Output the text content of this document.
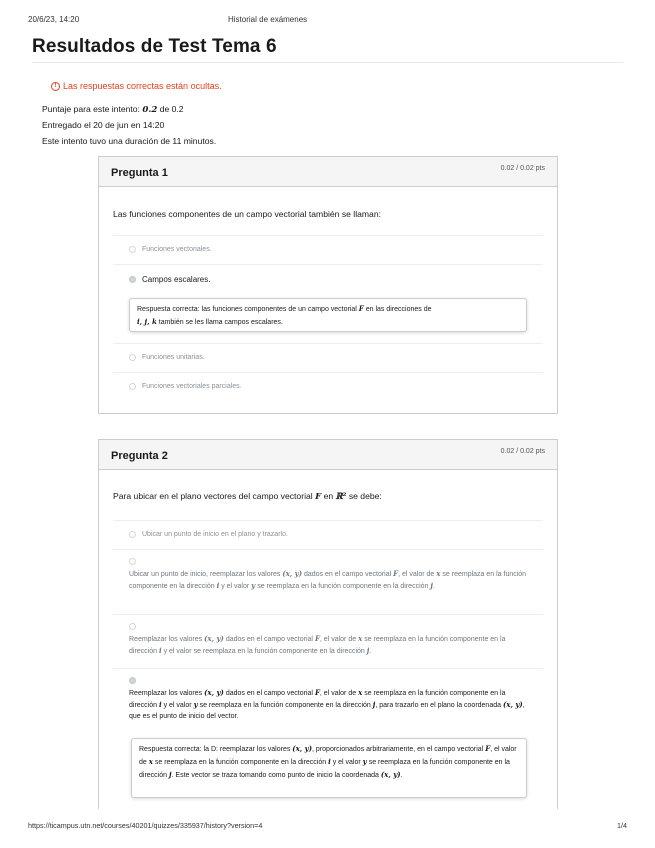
20/6/23, 14:20	Historial de exámenes
Resultados de Test Tema 6
! Las respuestas correctas están ocultas.
Puntaje para este intento: 0.2 de 0.2
Entregado el 20 de jun en 14:20
Este intento tuvo una duración de 11 minutos.
Pregunta 1	0.02 / 0.02 pts
Las funciones componentes de un campo vectorial también se llaman:
Funciones vectoriales.
Campos escalares.
Respuesta correcta: las funciones componentes de un campo vectorial F en las direcciones de
i, j, k también se les llama campos escalares.
Funciones unitarias.
Funciones vectoriales parciales.
Pregunta 2	0.02 / 0.02 pts
Para ubicar en el plano vectores del campo vectorial F en ℝ² se debe:
Ubicar un punto de inicio en el plano y trazarlo.
Ubicar un punto de inicio, reemplazar los valores (x, y) dados en el campo vectorial F, el valor de x se reemplaza en la función componente en la dirección i y el valor y se reemplaza en la función componente en la dirección j.
Reemplazar los valores (x, y) dados en el campo vectorial F, el valor de x se reemplaza en la función componente en la dirección i y el valor se reemplaza en la función componente en la dirección j.
Reemplazar los valores (x, y) dados en el campo vectorial F, el valor de x se reemplaza en la función componente en la dirección i y el valor y se reemplaza en la función componente en la dirección j, para trazarlo en el plano la coordenada (x, y), que es el punto de inicio del vector.
Respuesta correcta: la D: reemplazar los valores (x, y), proporcionados arbitrariamente, en el campo vectorial F, el valor de x se reemplaza en la función componente en la dirección i y el valor y se reemplaza en la función componente en la dirección j. Este vector se traza tomando como punto de inicio la coordenada (x, y).
https://ticampus.utn.net/courses/40201/quizzes/335937/history?version=4	1/4
